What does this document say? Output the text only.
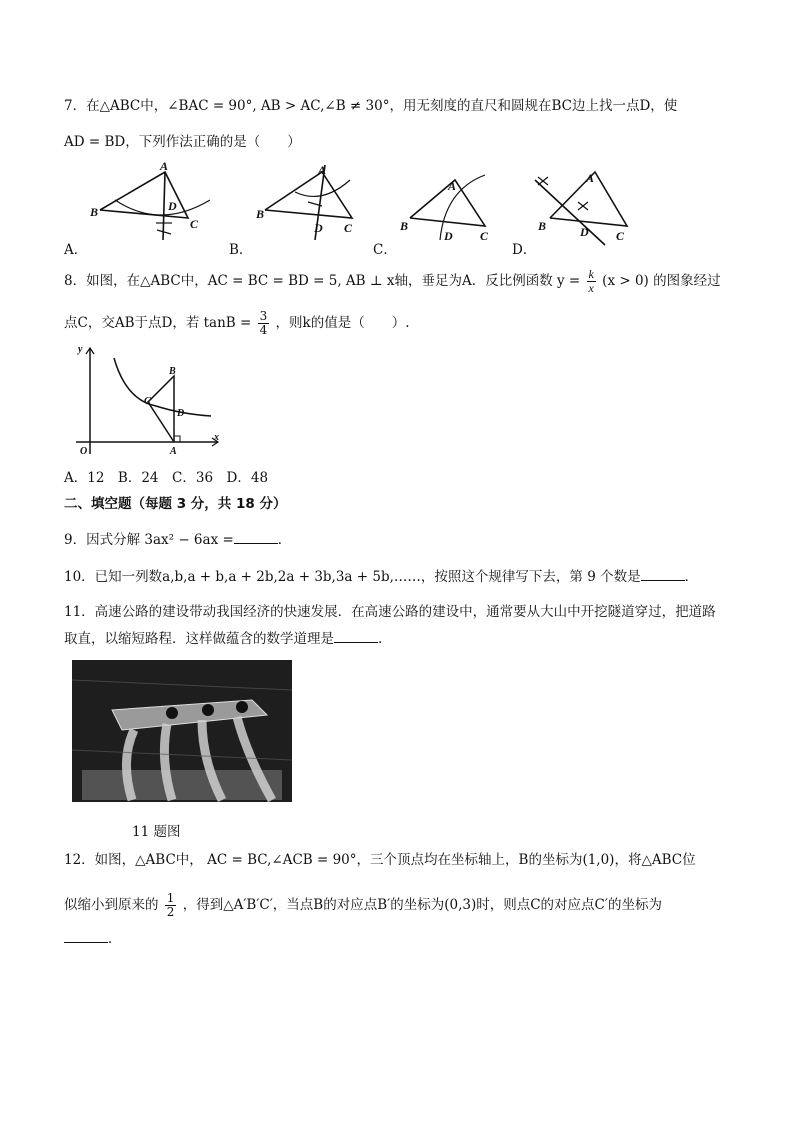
7．在△ABC中，∠BAC = 90°, AB > AC,∠B ≠ 30°，用无刻度的直尺和圆规在BC边上找一点D，使
AD = BD，下列作法正确的是（　　）
B
A
D
C
B
A
D C	B
A
D C
B
A
D C
A．	B．	C．	D．
8．如图，在△ABC中，AC = BC = BD = 5, AB ⊥ x轴，垂足为A．反比例函数 $y = \frac{k}{x} (x > 0)$ 的图象经过
点C，交AB于点D，若 $\tan B = \frac{3}{4}$ ，则k的值是（　　）.
y
x
O	A
B
C
D
A．12　B．24　C．36　D．48
二、填空题（每题 3 分，共 18 分）
9．因式分解 3ax² − 6ax =	．
10．已知一列数a,b,a + b,a + 2b,2a + 3b,3a + 5b,……，按照这个规律写下去，第 9 个数是	．
11．高速公路的建设带动我国经济的快速发展．在高速公路的建设中，通常要从大山中开挖隧道穿过，把道路
取直，以缩短路程．这样做蕴含的数学道理是	．
11 题图
12．如图，△ABC中， AC = BC,∠ACB = 90°，三个顶点均在坐标轴上，B的坐标为(1,0)，将△ABC位
似缩小到原来的 $\frac{1}{2}$ ，得到△A′B′C′，当点B的对应点B′的坐标为(0,3)时，则点C的对应点C′的坐标为
．
